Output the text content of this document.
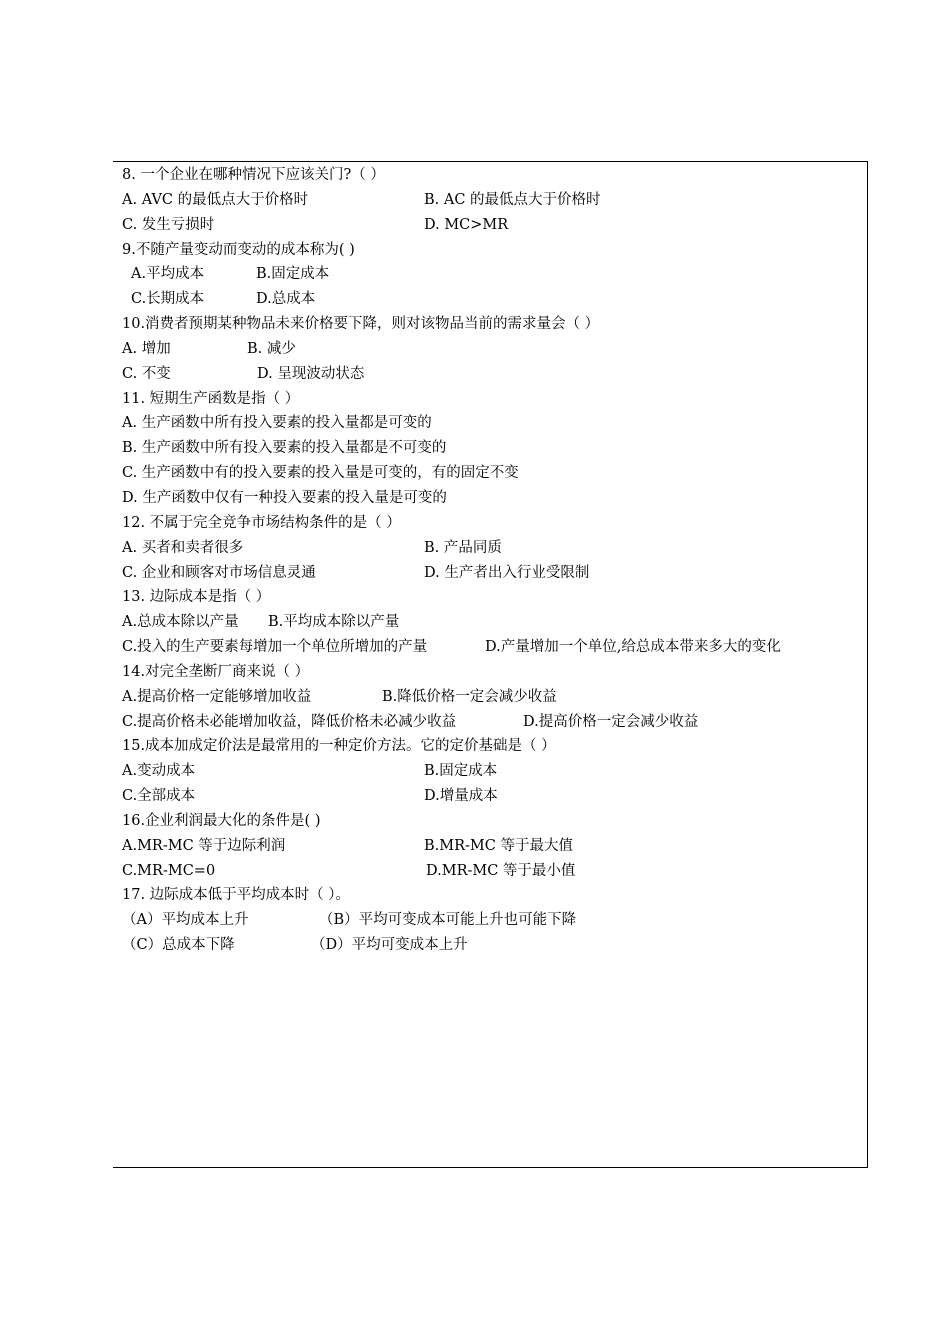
8. 一个企业在哪种情况下应该关门?（ ）
A. AVC 的最低点大于价格时	B. AC 的最低点大于价格时
C. 发生亏损时	D. MC>MR
9.不随产量变动而变动的成本称为( )
A.平均成本	B.固定成本
C.长期成本	D.总成本
10.消费者预期某种物品未来价格要下降，则对该物品当前的需求量会（ ）
A. 增加	B. 减少
C. 不变	D. 呈现波动状态
11. 短期生产函数是指（ ）
A. 生产函数中所有投入要素的投入量都是可变的
B. 生产函数中所有投入要素的投入量都是不可变的
C. 生产函数中有的投入要素的投入量是可变的，有的固定不变
D. 生产函数中仅有一种投入要素的投入量是可变的
12. 不属于完全竞争市场结构条件的是（ ）
A. 买者和卖者很多	B. 产品同质
C. 企业和顾客对市场信息灵通	D. 生产者出入行业受限制
13. 边际成本是指（ ）
A.总成本除以产量 B.平均成本除以产量
C.投入的生产要素每增加一个单位所增加的产量	D.产量增加一个单位,给总成本带来多大的变化
14.对完全垄断厂商来说（ ）
A.提高价格一定能够增加收益	B.降低价格一定会减少收益
C.提高价格未必能增加收益，降低价格未必减少收益	D.提高价格一定会减少收益
15.成本加成定价法是最常用的一种定价方法。它的定价基础是（ ）
A.变动成本	B.固定成本
C.全部成本	D.增量成本
16.企业利润最大化的条件是( )
A.MR-MC 等于边际利润	B.MR-MC 等于最大值
C.MR-MC=0	D.MR-MC 等于最小值
17. 边际成本低于平均成本时（ ）。
（A）平均成本上升	（B）平均可变成本可能上升也可能下降
（C）总成本下降	（D）平均可变成本上升
